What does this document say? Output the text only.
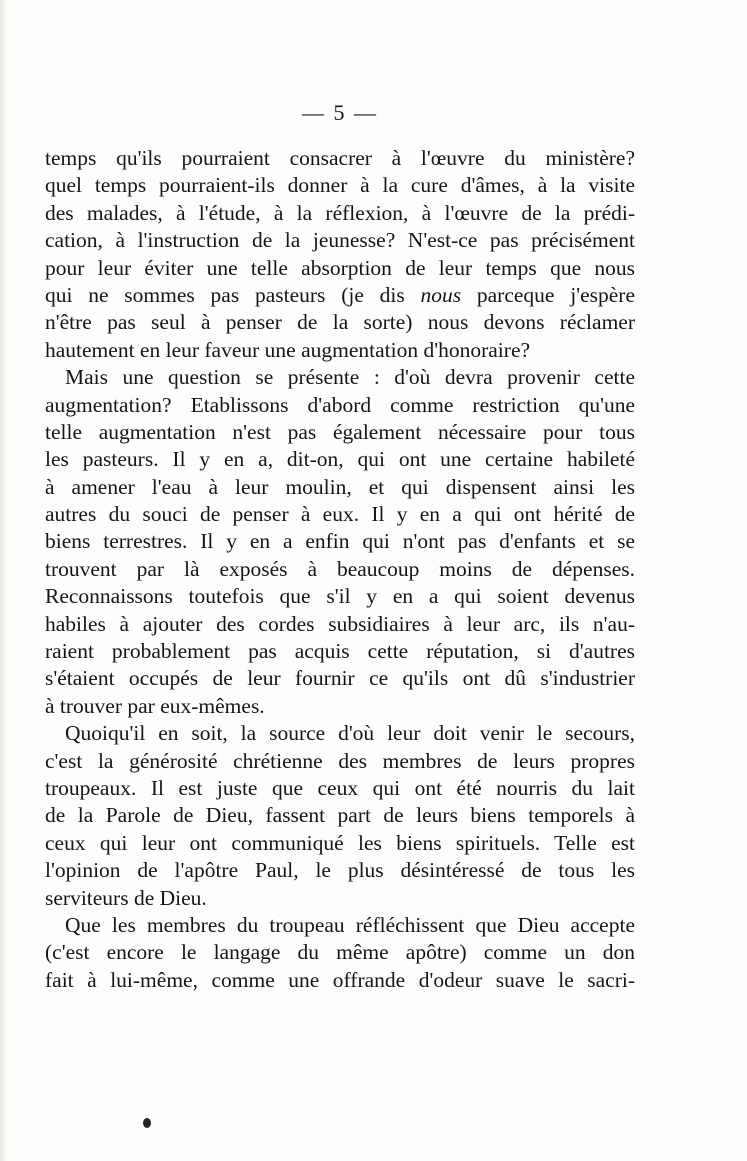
— 5 —
temps qu'ils pourraient consacrer à l'œuvre du ministère?
quel temps pourraient-ils donner à la cure d'âmes, à la visite
des malades, à l'étude, à la réflexion, à l'œuvre de la prédi-
cation, à l'instruction de la jeunesse? N'est-ce pas précisément
pour leur éviter une telle absorption de leur temps que nous
qui ne sommes pas pasteurs (je dis nous parceque j'espère
n'être pas seul à penser de la sorte) nous devons réclamer
hautement en leur faveur une augmentation d'honoraire?
Mais une question se présente : d'où devra provenir cette
augmentation? Etablissons d'abord comme restriction qu'une
telle augmentation n'est pas également nécessaire pour tous
les pasteurs. Il y en a, dit-on, qui ont une certaine habileté
à amener l'eau à leur moulin, et qui dispensent ainsi les
autres du souci de penser à eux. Il y en a qui ont hérité de
biens terrestres. Il y en a enfin qui n'ont pas d'enfants et se
trouvent par là exposés à beaucoup moins de dépenses.
Reconnaissons toutefois que s'il y en a qui soient devenus
habiles à ajouter des cordes subsidiaires à leur arc, ils n'au-
raient probablement pas acquis cette réputation, si d'autres
s'étaient occupés de leur fournir ce qu'ils ont dû s'industrier
à trouver par eux-mêmes.
Quoiqu'il en soit, la source d'où leur doit venir le secours,
c'est la générosité chrétienne des membres de leurs propres
troupeaux. Il est juste que ceux qui ont été nourris du lait
de la Parole de Dieu, fassent part de leurs biens temporels à
ceux qui leur ont communiqué les biens spirituels. Telle est
l'opinion de l'apôtre Paul, le plus désintéressé de tous les
serviteurs de Dieu.
Que les membres du troupeau réfléchissent que Dieu accepte
(c'est encore le langage du même apôtre) comme un don
fait à lui-même, comme une offrande d'odeur suave le sacri-
